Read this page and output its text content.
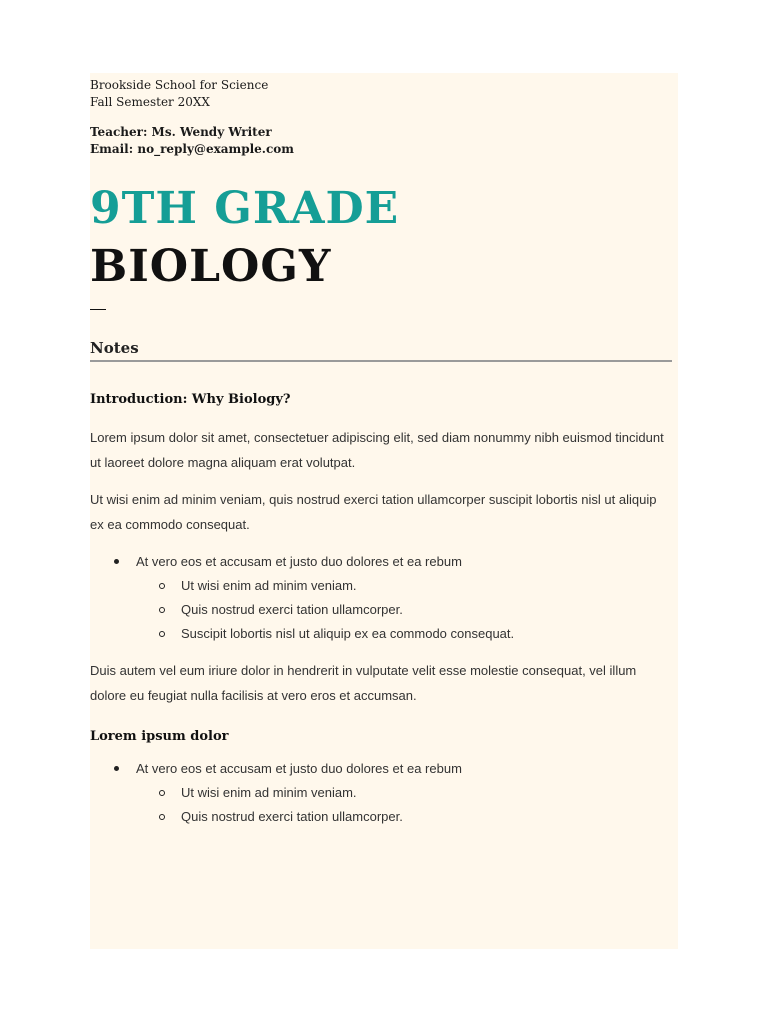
Brookside School for Science
Fall Semester 20XX
Teacher: Ms. Wendy Writer
Email: no_reply@example.com
9TH GRADE
BIOLOGY
Notes
Introduction: Why Biology?

Lorem ipsum dolor sit amet, consectetuer adipiscing elit, sed diam nonummy nibh euismod tincidunt ut laoreet dolore magna aliquam erat volutpat.

Ut wisi enim ad minim veniam, quis nostrud exerci tation ullamcorper suscipit lobortis nisl ut aliquip ex ea commodo consequat.

At vero eos et accusam et justo duo dolores et ea rebum
Ut wisi enim ad minim veniam.
Quis nostrud exerci tation ullamcorper.
Suscipit lobortis nisl ut aliquip ex ea commodo consequat.

Duis autem vel eum iriure dolor in hendrerit in vulputate velit esse molestie consequat, vel illum dolore eu feugiat nulla facilisis at vero eros et accumsan.

Lorem ipsum dolor
At vero eos et accusam et justo duo dolores et ea rebum
Ut wisi enim ad minim veniam.
Quis nostrud exerci tation ullamcorper.
